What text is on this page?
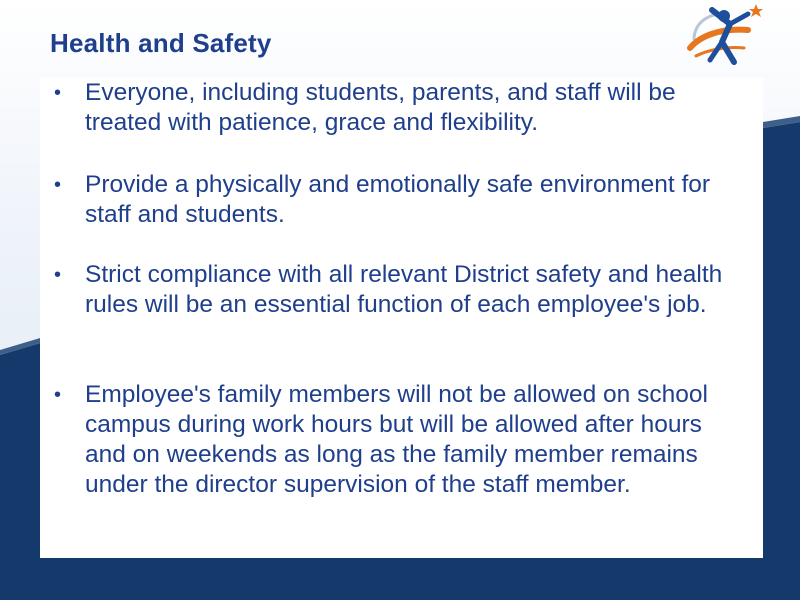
Health and Safety
• Everyone, including students, parents, and staff will be treated with patience, grace and flexibility.
• Provide a physically and emotionally safe environment for staff and students.
• Strict compliance with all relevant District safety and health rules will be an essential function of each employee's job.
• Employee's family members will not be allowed on school campus during work hours but will be allowed after hours and on weekends as long as the family member remains under the director supervision of the staff member.
